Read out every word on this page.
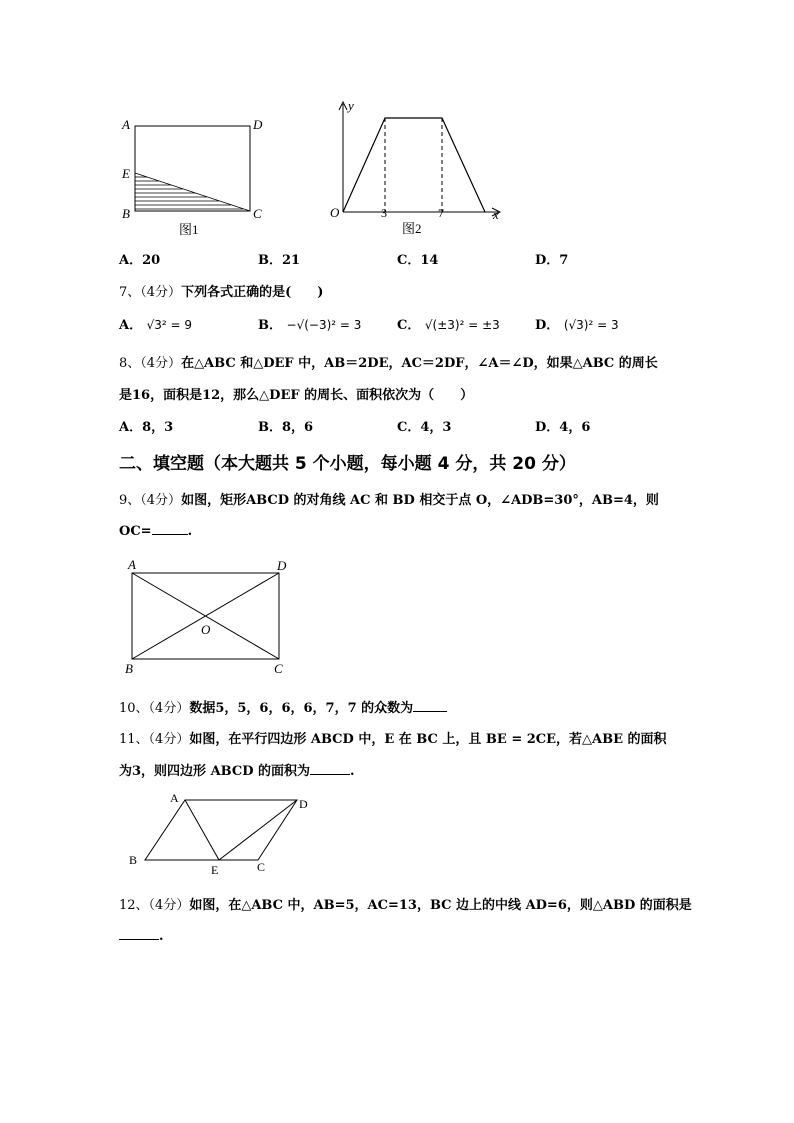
A	D
E
B	C
图1
y
x
O	3	7
图2
A．20	B．21	C．14	D．7
7、（4分）下列各式正确的是(　　)
A． √3² = 9	B． −√(−3)² = 3	C． √(±3)² = ±3	D． (√3)² = 3
8、（4分）在△ABC 和△DEF 中，AB＝2DE，AC＝2DF，∠A＝∠D，如果△ABC 的周长
是16，面积是12，那么△DEF 的周长、面积依次为（　　）
A．8，3	B．8，6	C．4，3	D．4，6
二、填空题（本大题共 5 个小题，每小题 4 分，共 20 分）
9、（4分）如图，矩形ABCD 的对角线 AC 和 BD 相交于点 O，∠ADB=30°，AB=4，则
OC=	.
A	D
O
B	C
10、（4分）数据5，5，6，6，6，7，7 的众数为
11、（4分）如图，在平行四边形 ABCD 中，E 在 BC 上，且 BE = 2CE，若△ABE 的面积
为3，则四边形 ABCD 的面积为	.
A	D
B
E	C
12、（4分）如图，在△ABC 中，AB=5，AC=13，BC 边上的中线 AD=6，则△ABD 的面积是
.
